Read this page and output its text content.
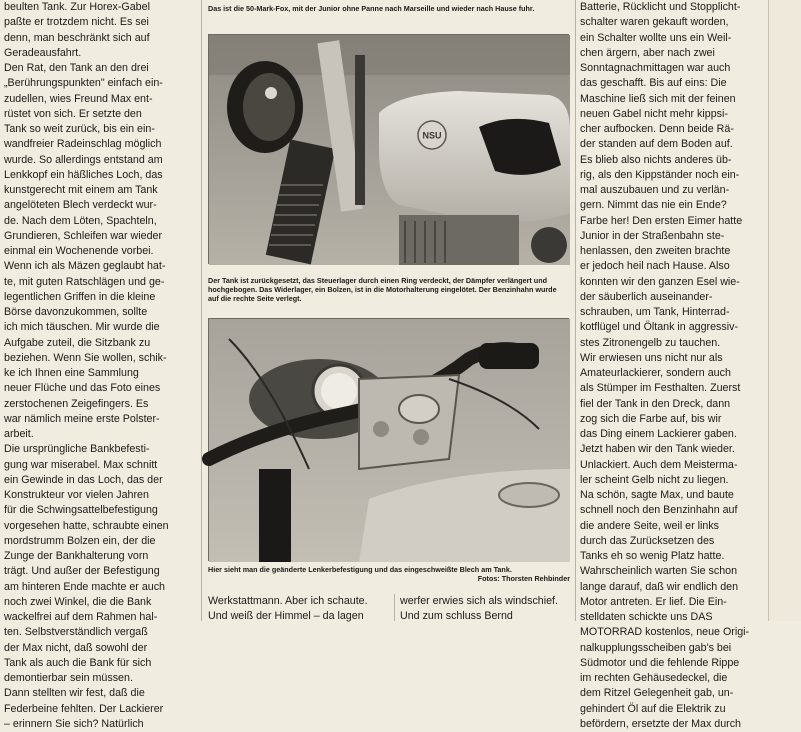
beulten Tank. Zur Horex-Gabel
paßte er trotzdem nicht. Es sei
denn, man beschränkt sich auf
Geradeausfahrt.
Den Rat, den Tank an den drei
„Berührungspunkten" einfach ein-
zudellen, wies Freund Max ent-
rüstet von sich. Er setzte den
Tank so weit zurück, bis ein ein-
wandfreier Radeinschlag möglich
wurde. So allerdings entstand am
Lenkkopf ein häßliches Loch, das
kunstgerecht mit einem am Tank
angelöteten Blech verdeckt wur-
de. Nach dem Löten, Spachteln,
Grundieren, Schleifen war wieder
einmal ein Wochenende vorbei.
Wenn ich als Mäzen geglaubt hat-
te, mit guten Ratschlägen und ge-
legentlichen Griffen in die kleine
Börse davonzukommen, sollte
ich mich täuschen. Mir wurde die
Aufgabe zuteil, die Sitzbank zu
beziehen. Wenn Sie wollen, schik-
ke ich Ihnen eine Sammlung
neuer Flüche und das Foto eines
zerstochenen Zeigefingers. Es
war nämlich meine erste Polster-
arbeit.
Die ursprüngliche Bankbefesti-
gung war miserabel. Max schnitt
ein Gewinde in das Loch, das der
Konstrukteur vor vielen Jahren
für die Schwingsattelbefestigung
vorgesehen hatte, schraubte einen
mordstrumm Bolzen ein, der die
Zunge der Bankhalterung vorn
trägt. Und außer der Befestigung
am hinteren Ende machte er auch
noch zwei Winkel, die die Bank
wackelfrei auf dem Rahmen hal-
ten. Selbstverständlich vergaß
der Max nicht, daß sowohl der
Tank als auch die Bank für sich
demontierbar sein müssen.
Dann stellten wir fest, daß die
Federbeine fehlten. Der Lackierer
– erinnern Sie sich? Natürlich

Das ist die 50-Mark-Fox, mit der Junior ohne Panne nach Marseille und wieder nach Hause fuhr.

NSU

Der Tank ist zurückgesetzt, das Steuerlager durch einen Ring verdeckt, der Dämpfer verlängert und hochgebogen. Das Widerlager, ein Bolzen, ist in die Motorhalterung eingelötet. Der Benzinhahn wurde auf die rechte Seite verlegt.

Hier sieht man die geänderte Lenkerbefestigung und das eingeschweißte Blech am Tank.

Fotos: Thorsten Rehbinder

Werkstattmann. Aber ich schaute.
Und weiß der Himmel – da lagen
werfer erwies sich als windschief.
Und zum schluss Bernd

Batterie, Rücklicht und Stopplicht-
schalter waren gekauft worden,
ein Schalter wollte uns ein Weil-
chen ärgern, aber nach zwei
Sonntagnachmittagen war auch
das geschafft. Bis auf eins: Die
Maschine ließ sich mit der feinen
neuen Gabel nicht mehr kippsi-
cher aufbocken. Denn beide Rä-
der standen auf dem Boden auf.
Es blieb also nichts anderes üb-
rig, als den Kippständer noch ein-
mal auszubauen und zu verlän-
gern. Nimmt das nie ein Ende?
Farbe her! Den ersten Eimer hatte
Junior in der Straßenbahn ste-
henlassen, den zweiten brachte
er jedoch heil nach Hause. Also
konnten wir den ganzen Esel wie-
der säuberlich auseinander-
schrauben, um Tank, Hinterrad-
kotflügel und Öltank in aggressiv-
stes Zitronengelb zu tauchen.
Wir erwiesen uns nicht nur als
Amateurlackierer, sondern auch
als Stümper im Festhalten. Zuerst
fiel der Tank in den Dreck, dann
zog sich die Farbe auf, bis wir
das Ding einem Lackierer gaben.
Jetzt haben wir den Tank wieder.
Unlackiert. Auch dem Meisterma-
ler scheint Gelb nicht zu liegen.
Na schön, sagte Max, und baute
schnell noch den Benzinhahn auf
die andere Seite, weil er links
durch das Zurücksetzen des
Tanks eh so wenig Platz hatte.
Wahrscheinlich warten Sie schon
lange darauf, daß wir endlich den
Motor antreten. Er lief. Die Ein-
stelldaten schickte uns DAS
MOTORRAD kostenlos, neue Origi-
nalkupplungsscheiben gab's bei
Südmotor und die fehlende Rippe
im rechten Gehäusedeckel, die
dem Ritzel Gelegenheit gab, un-
gehindert Öl auf die Elektrik zu
befördern, ersetzte der Max durch
